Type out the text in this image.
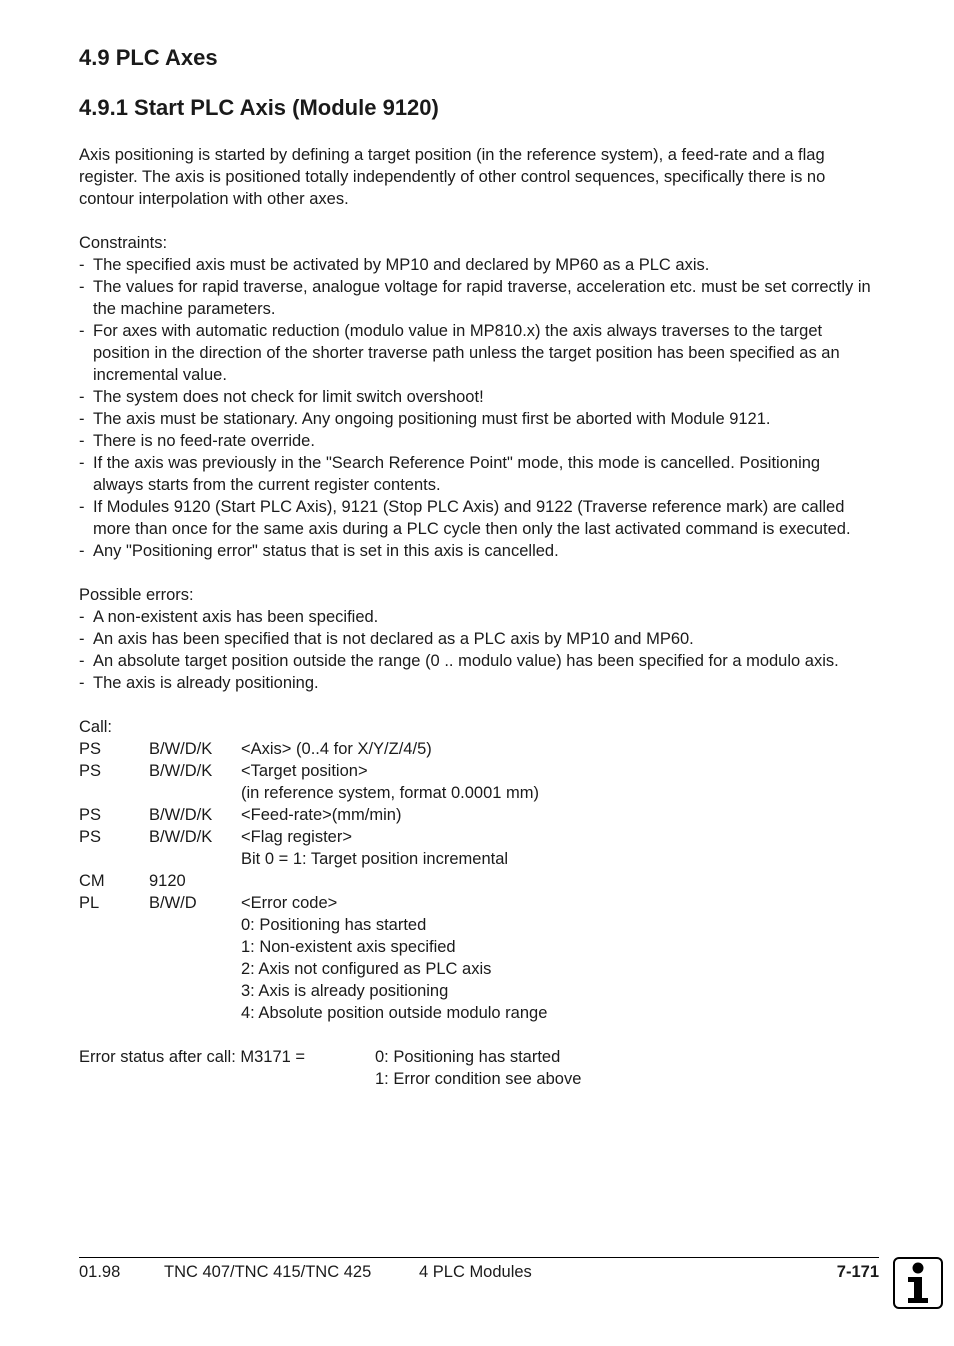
4.9 PLC Axes
4.9.1 Start PLC Axis (Module 9120)

Axis positioning is started by defining a target position (in the reference system), a feed-rate and a flag register. The axis is positioned totally independently of other control sequences, specifically there is no contour interpolation with other axes.

Constraints:

- The specified axis must be activated by MP10 and declared by MP60 as a PLC axis.
- The values for rapid traverse, analogue voltage for rapid traverse, acceleration etc. must be set correctly in the machine parameters.
- For axes with automatic reduction (modulo value in MP810.x) the axis always traverses to the target position in the direction of the shorter traverse path unless the target position has been specified as an incremental value.
- The system does not check for limit switch overshoot!
- The axis must be stationary. Any ongoing positioning must first be aborted with Module 9121.
- There is no feed-rate override.
- If the axis was previously in the "Search Reference Point" mode, this mode is cancelled. Positioning always starts from the current register contents.
- If Modules 9120 (Start PLC Axis), 9121 (Stop PLC Axis) and 9122 (Traverse reference mark) are called more than once for the same axis during a PLC cycle then only the last activated command is executed.
- Any "Positioning error" status that is set in this axis is cancelled.

Possible errors:

- A non-existent axis has been specified.
- An axis has been specified that is not declared as a PLC axis by MP10 and MP60.
- An absolute target position outside the range (0 .. modulo value) has been specified for a modulo axis.
- The axis is already positioning.

Call:

PS	B/W/D/K	<Axis> (0..4 for X/Y/Z/4/5)
PS	B/W/D/K	<Target position>
(in reference system, format 0.0001 mm)
PS	B/W/D/K	<Feed-rate>(mm/min)
PS	B/W/D/K	<Flag register>
Bit 0 = 1: Target position incremental
CM	9120
PL	B/W/D	<Error code>
0: Positioning has started
1: Non-existent axis specified
2: Axis not configured as PLC axis
3: Axis is already positioning
4: Absolute position outside modulo range
Error status after call: M3171 =	0: Positioning has started
1: Error condition see above
01.98	TNC 407/TNC 415/TNC 425	4 PLC Modules	7-171
